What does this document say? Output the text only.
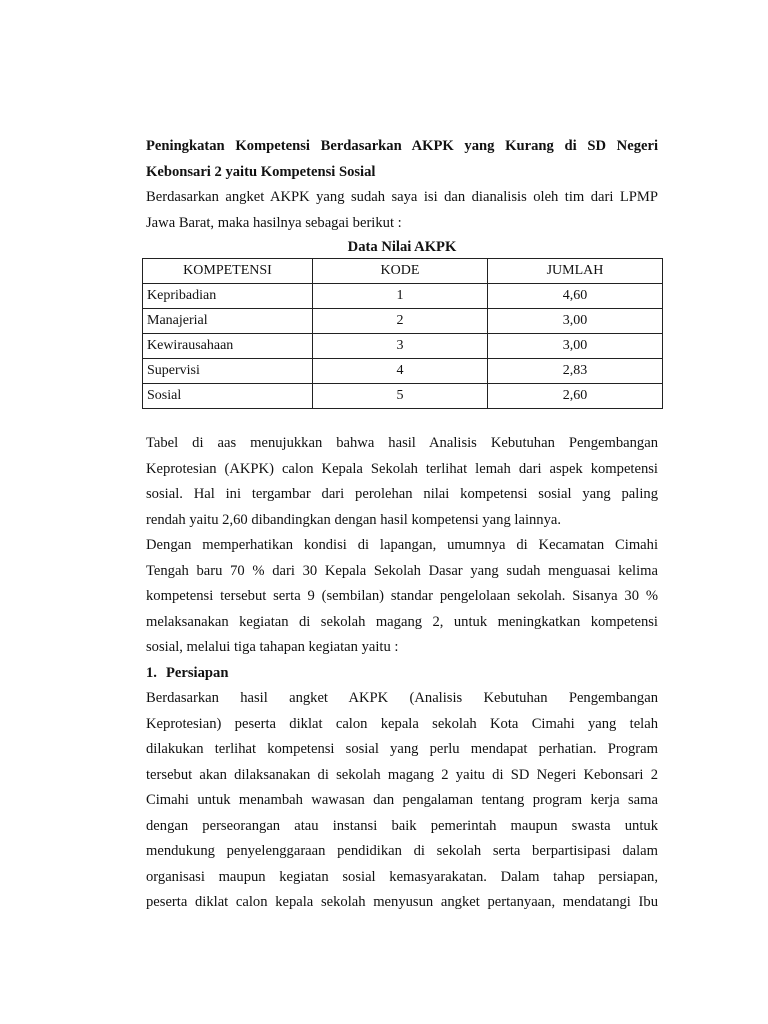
Peningkatan Kompetensi Berdasarkan AKPK yang Kurang di SD Negeri
Kebonsari 2 yaitu Kompetensi Sosial
Berdasarkan angket AKPK yang sudah saya isi dan dianalisis oleh tim dari LPMP
Jawa Barat, maka hasilnya sebagai berikut :
Data Nilai AKPK
KOMPETENSI	KODE	JUMLAH
Kepribadian	1	4,60
Manajerial	2	3,00
Kewirausahaan	3	3,00
Supervisi	4	2,83
Sosial	5	2,60
Tabel di aas menujukkan bahwa hasil Analisis Kebutuhan Pengembangan
Keprotesian (AKPK) calon Kepala Sekolah terlihat lemah dari aspek kompetensi
sosial. Hal ini tergambar dari perolehan nilai kompetensi sosial yang paling
rendah yaitu 2,60 dibandingkan dengan hasil kompetensi yang lainnya.
Dengan memperhatikan kondisi di lapangan, umumnya di Kecamatan Cimahi
Tengah baru 70 % dari 30 Kepala Sekolah Dasar yang sudah menguasai kelima
kompetensi tersebut serta 9 (sembilan) standar pengelolaan sekolah. Sisanya 30 %
melaksanakan kegiatan di sekolah magang 2, untuk meningkatkan kompetensi
sosial, melalui tiga tahapan kegiatan yaitu :
1. Persiapan
Berdasarkan hasil angket AKPK (Analisis Kebutuhan Pengembangan
Keprotesian) peserta diklat calon kepala sekolah Kota Cimahi yang telah
dilakukan terlihat kompetensi sosial yang perlu mendapat perhatian. Program
tersebut akan dilaksanakan di sekolah magang 2 yaitu di SD Negeri Kebonsari 2
Cimahi untuk menambah wawasan dan pengalaman tentang program kerja sama
dengan perseorangan atau instansi baik pemerintah maupun swasta untuk
mendukung penyelenggaraan pendidikan di sekolah serta berpartisipasi dalam
organisasi maupun kegiatan sosial kemasyarakatan. Dalam tahap persiapan,
peserta diklat calon kepala sekolah menyusun angket pertanyaan, mendatangi Ibu
